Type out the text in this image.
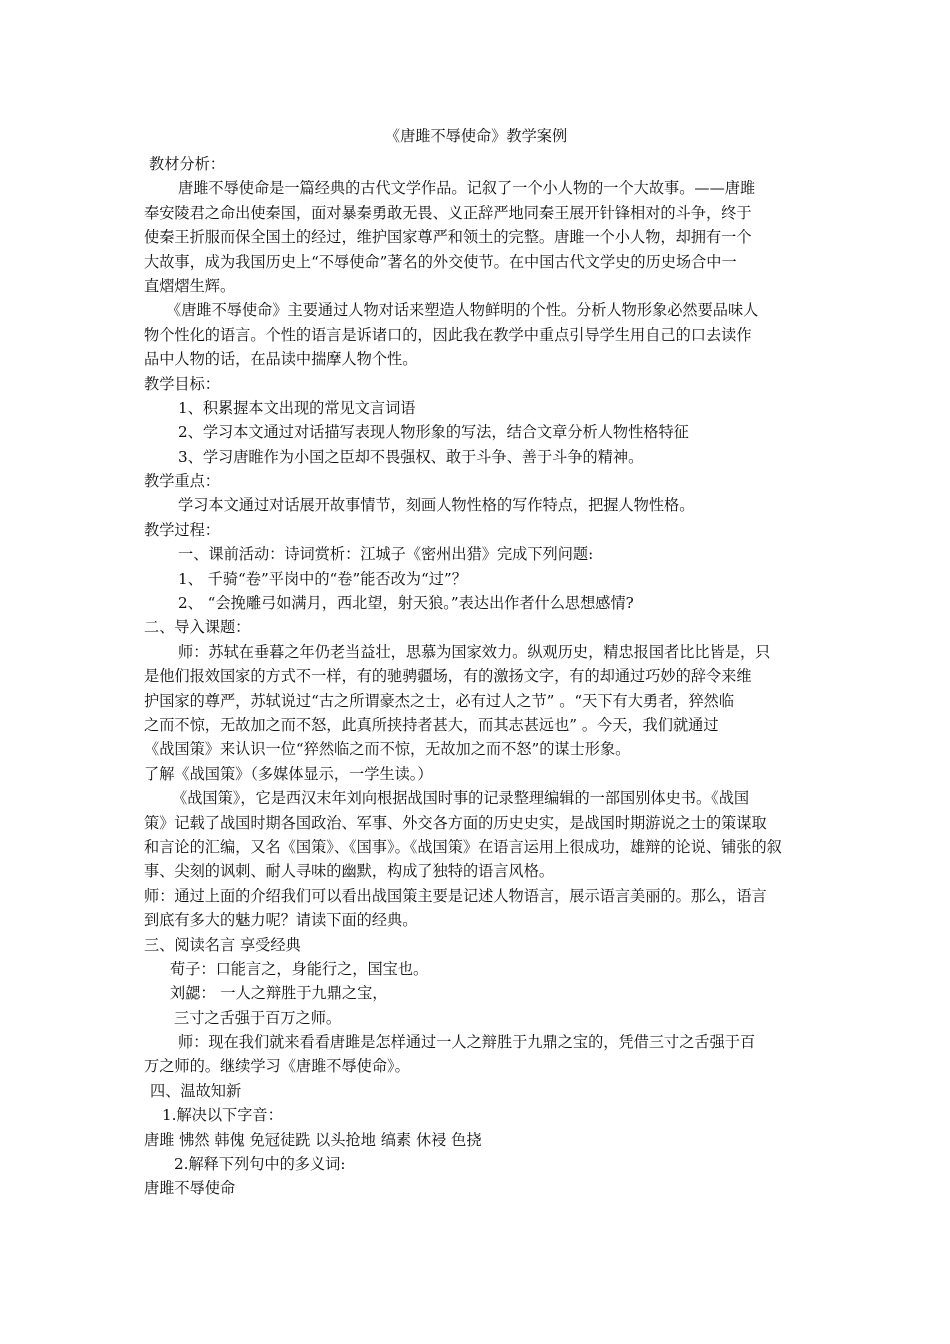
《唐雎不辱使命》教学案例
教材分析：
唐雎不辱使命是一篇经典的古代文学作品。记叙了一个小人物的一个大故事。——唐雎
奉安陵君之命出使秦国，面对暴秦勇敢无畏、义正辞严地同秦王展开针锋相对的斗争，终于
使秦王折服而保全国土的经过，维护国家尊严和领土的完整。唐雎一个小人物，却拥有一个
大故事，成为我国历史上“不辱使命”著名的外交使节。在中国古代文学史的历史场合中一
直熠熠生辉。
《唐雎不辱使命》主要通过人物对话来塑造人物鲜明的个性。分析人物形象必然要品味人
物个性化的语言。个性的语言是诉诸口的，因此我在教学中重点引导学生用自己的口去读作
品中人物的话，在品读中揣摩人物个性。
教学目标：
1、积累握本文出现的常见文言词语
2、学习本文通过对话描写表现人物形象的写法，结合文章分析人物性格特征
3、学习唐睢作为小国之臣却不畏强权、敢于斗争、善于斗争的精神。
教学重点：
学习本文通过对话展开故事情节，刻画人物性格的写作特点，把握人物性格。
教学过程：
一、课前活动：诗词赏析：江城子《密州出猎》完成下列问题:
1、 千骑“卷”平岗中的“卷”能否改为“过”？
2、 “会挽雕弓如满月，西北望，射天狼。”表达出作者什么思想感情?
二、导入课题：
师：苏轼在垂暮之年仍老当益壮，思慕为国家效力。纵观历史，精忠报国者比比皆是，只
是他们报效国家的方式不一样，有的驰骋疆场，有的激扬文字，有的却通过巧妙的辞令来维
护国家的尊严，苏轼说过“古之所谓豪杰之士，必有过人之节” 。“天下有大勇者，猝然临
之而不惊，无故加之而不怒，此真所挟持者甚大，而其志甚远也” 。今天，我们就通过
《战国策》来认识一位“猝然临之而不惊，无故加之而不怒”的谋士形象。
了解《战国策》（多媒体显示，一学生读。）
《战国策》，它是西汉末年刘向根据战国时事的记录整理编辑的一部国别体史书。《战国
策》记载了战国时期各国政治、军事、外交各方面的历史史实，是战国时期游说之士的策谋取
和言论的汇编，又名《国策》、《国事》。《战国策》在语言运用上很成功，雄辩的论说、铺张的叙
事、尖刻的讽刺、耐人寻味的幽默，构成了独特的语言风格。
师：通过上面的介绍我们可以看出战国策主要是记述人物语言，展示语言美丽的。那么，语言
到底有多大的魅力呢？请读下面的经典。
三、阅读名言 享受经典
荀子：口能言之，身能行之，国宝也。
刘勰： 一人之辩胜于九鼎之宝，
三寸之舌强于百万之师。
师：现在我们就来看看唐雎是怎样通过一人之辩胜于九鼎之宝的，凭借三寸之舌强于百
万之师的。继续学习《唐雎不辱使命》。
四、温故知新
1.解决以下字音：
唐雎 怫然 韩傀 免冠徒跣 以头抢地 缟素 休祲 色挠
2.解释下列句中的多义词:
唐雎不辱使命
